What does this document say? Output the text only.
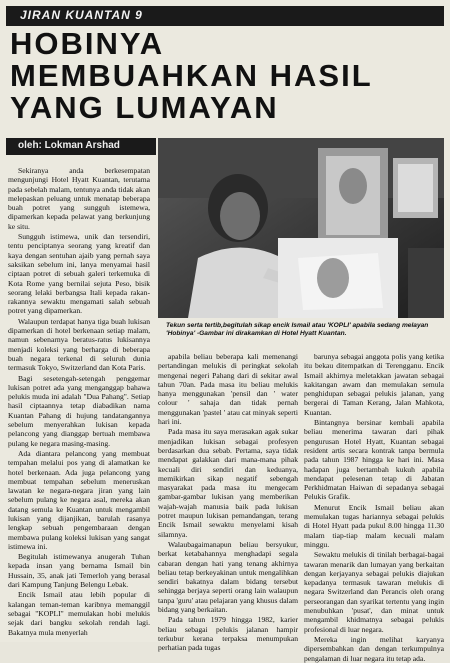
JIRAN KUANTAN 9
HOBINYA
MEMBUAHKAN HASIL
YANG LUMAYAN
oleh: Lokman Arshad
Tekun serta tertib,begitulah sikap encik Ismail atau 'KOPLI' apabila sedang melayan 'Hobinya' -Gambar ini dirakamkan di Hotel Hyatt Kuantan.

Sekiranya anda berkesempatan mengunjungi Hotel Hyatt Kuantan, terutama pada sebelah malam, tentunya anda tidak akan melepaskan peluang untuk menatap beberapa buah potret yang sungguh istemewa, dipamerkan kepada pelawat yang berkunjung ke situ.

Sungguh istimewa, unik dan tersendiri, tentu penciptanya seorang yang kreatif dan kaya dengan sentuhan ajaib yang pernah saya saksikan sebelum ini, lanya menyamai hasil ciptaan potret di sebuah galeri terkemuka di Kota Rome yang bernilai sejuta Peso, bisik seorang lelaki berbangsa Itali kepada rakan-rakannya sewaktu mengamati salah sebuah potret yang dipamerkan.

Walaupun terdapat hanya tiga buah lukisan dipamerkan di hotel berkenaan setiap malam, namun sebenarnya beratus-ratus lukisannya menjadi koleksi yang berharga di beberapa buah negara terkenal di seluruh dunia termasuk Tokyo, Switzerland dan Kota Paris.

Bagi sesetengah-setengah penggemar lukisan potret ada yang menganggap bahawa pelukis muda ini adalah "Dua Pahang". Setiap hasil ciptaannya tetap diabadikan nama Kuantan Pahang di hujung tandatangannya sebelum menyerahkan lukisan kepada pelancong yang dianggap bertuah membawa pulang ke negara masing-masing.

Ada diantara pelancong yang membuat tempahan melalui pos yang di alamatkan ke hotel berkenaan. Ada juga pelancong yang membuat tempahan sebelum meneruskan lawatan ke negara-negara jiran yang lain sebelum pulang ke negara asal, mereka akan datang semula ke Kuantan untuk mengambil lukisan yang dijanjikan, barulah rasanya lengkap sebuah pengembaraan dengan membawa pulang koleksi lukisan yang sangat istimewa ini.

Begitulah istimewanya anugerah Tuhan kepada insan yang bernama Ismail bin Hussain, 35, anak jati Temerloh yang berasal dari Kampung Tanjung Belengu Lebak.

Encik Ismail atau lebih popular di kalangan teman-teman karibnya memanggil sebagai "KOPLI" memulakan hobi melukis sejak dari bangku sekolah rendah lagi. Bakatnya mula menyerlah

apabila beliau beberapa kali memenangi pertandingan melukis di peringkat sekolah mengenai negeri Pahang dari di sekitar awal tahun 70an. Pada masa itu beliau melukis hanya menggunakan 'pensil dan ' water colour ' sahaja dan tidak pernah menggunakan 'pastel ' atau cat minyak seperti hari ini.

Pada masa itu saya merasakan agak sukar menjadikan lukisan sebagai profesyen berdasarkan dua sebab. Pertama, saya tidak mendapat galakkan dari mana-mana pihak kecuali diri sendiri dan keduanya, memikirkan sikap negatif sebengah masyarakat pada masa itu mengecam gambar-gambar lukisan yang memberikan wajah-wajah manusia baik pada lukisan potret maupun lukisan pemandangan, terang Encik Ismail sewaktu menyelami kisah silamnya.

Walaubagaimanapun beliau bersyukur, berkat ketabahannya menghadapi segala cabaran dengan hati yang tenang akhirnya beliau tetap berkeyakinan untuk mengalihkan sendiri bakatnya dalam bidang tersebut sehingga berjaya seperti orang lain walaupun tanpa 'guru' atau pelajaran yang khusus dalam bidang yang berkaitan.

Pada tahun 1979 hingga 1982, karier beliau sebagai pelukis jalanan hampir terkubur kerana terpaksa menumpukan perhatian pada tugas

barunya sebagai anggota polis yang ketika itu bekau ditempatkan di Terengganu. Encik Ismail akhirnya meletakkan jawatan sebagai kakitangan awam dan memulakan semula penghidupan sebagai pelukis jalanan, yang bergerai di Taman Kerang, Jalan Mahkota, Kuantan.

Bintangnya bersinar kembali apabila beliau menerima tawaran dari pihak pengurusan Hotel Hyatt, Kuantan sebagai resident artis secara kontrak tanpa bermula pada tahun 1987 hingga ke hari ini. Masa hadapan juga bertambah kukuh apabila mendapat pelesenan tetap di Jabatan Perkhidmatan Haiwan di sepadanya sebagai Pelukis Grafik.

Menurut Encik Ismail beliau akan memulakan tugas hariannya sebagai pelukis di Hotel Hyatt pada pukul 8.00 hingga 11.30 malam tiap-tiap malam kecuali malam minggu.

Sewaktu melukis di tinilah berbagai-bagai tawaran menarik dan lumayan yang berkaitan dengan kerjayanya sebagai pelukis diajukan kepadanya termasuk tawaran melukis di negara Switzerland dan Perancis oleh orang perseorangan dan syarikat tertentu yang ingin menubuhkan 'pusat', dan minat untuk mengambil khidmatnya sebagai pelukis profesional di luar negara.

Mereka ingin melihat karyanya dipersembahkan dan dengan terkumpulnya pengalaman di luar negara itu tetap ada.
